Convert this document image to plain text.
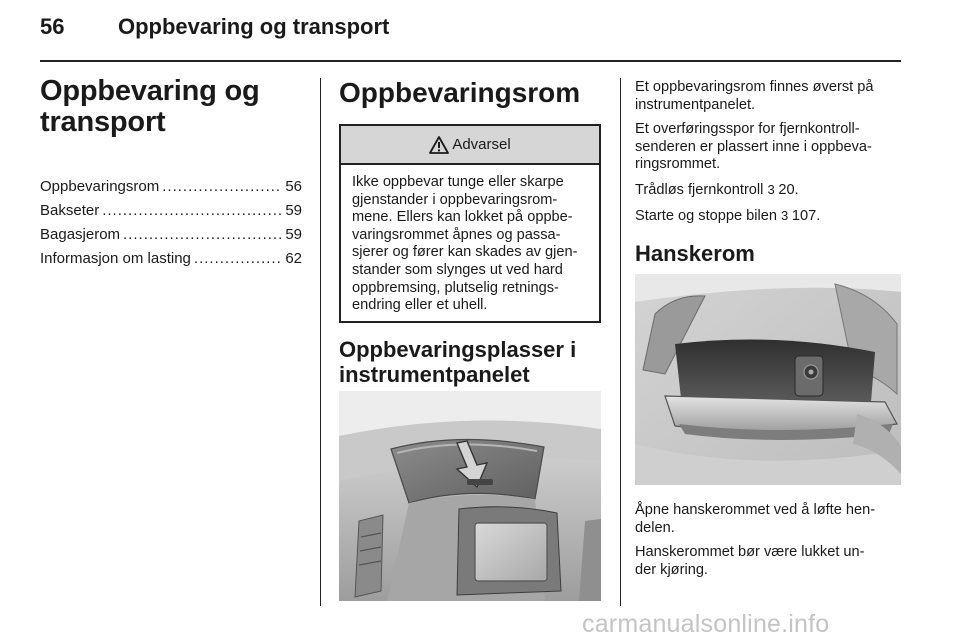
56 Oppbevaring og transport
Oppbevaring og
transport
Oppbevaringsrom .....	56
Bakseter .....	59
Bagasjerom .....	59
Informasjon om lasting .....	62
Oppbevaringsrom
Advarsel
Ikke oppbevar tunge eller skarpe
gjenstander i oppbevaringsrom-
mene. Ellers kan lokket på oppbe-
varingsrommet åpnes og passa-
sjerer og fører kan skades av gjen-
stander som slynges ut ved hard
oppbremsing, plutselig retnings-
endring eller et uhell.
Oppbevaringsplasser i
instrumentpanelet

Et oppbevaringsrom finnes øverst på
instrumentpanelet.

Et overføringsspor for fjernkontroll-
senderen er plassert inne i oppbeva-
ringsrommet.

Trådløs fjernkontroll 3 20.

Starte og stoppe bilen 3 107.

Hanskerom

Åpne hanskerommet ved å løfte hen-
delen.

Hanskerommet bør være lukket un-
der kjøring.

carmanualsonline.info
